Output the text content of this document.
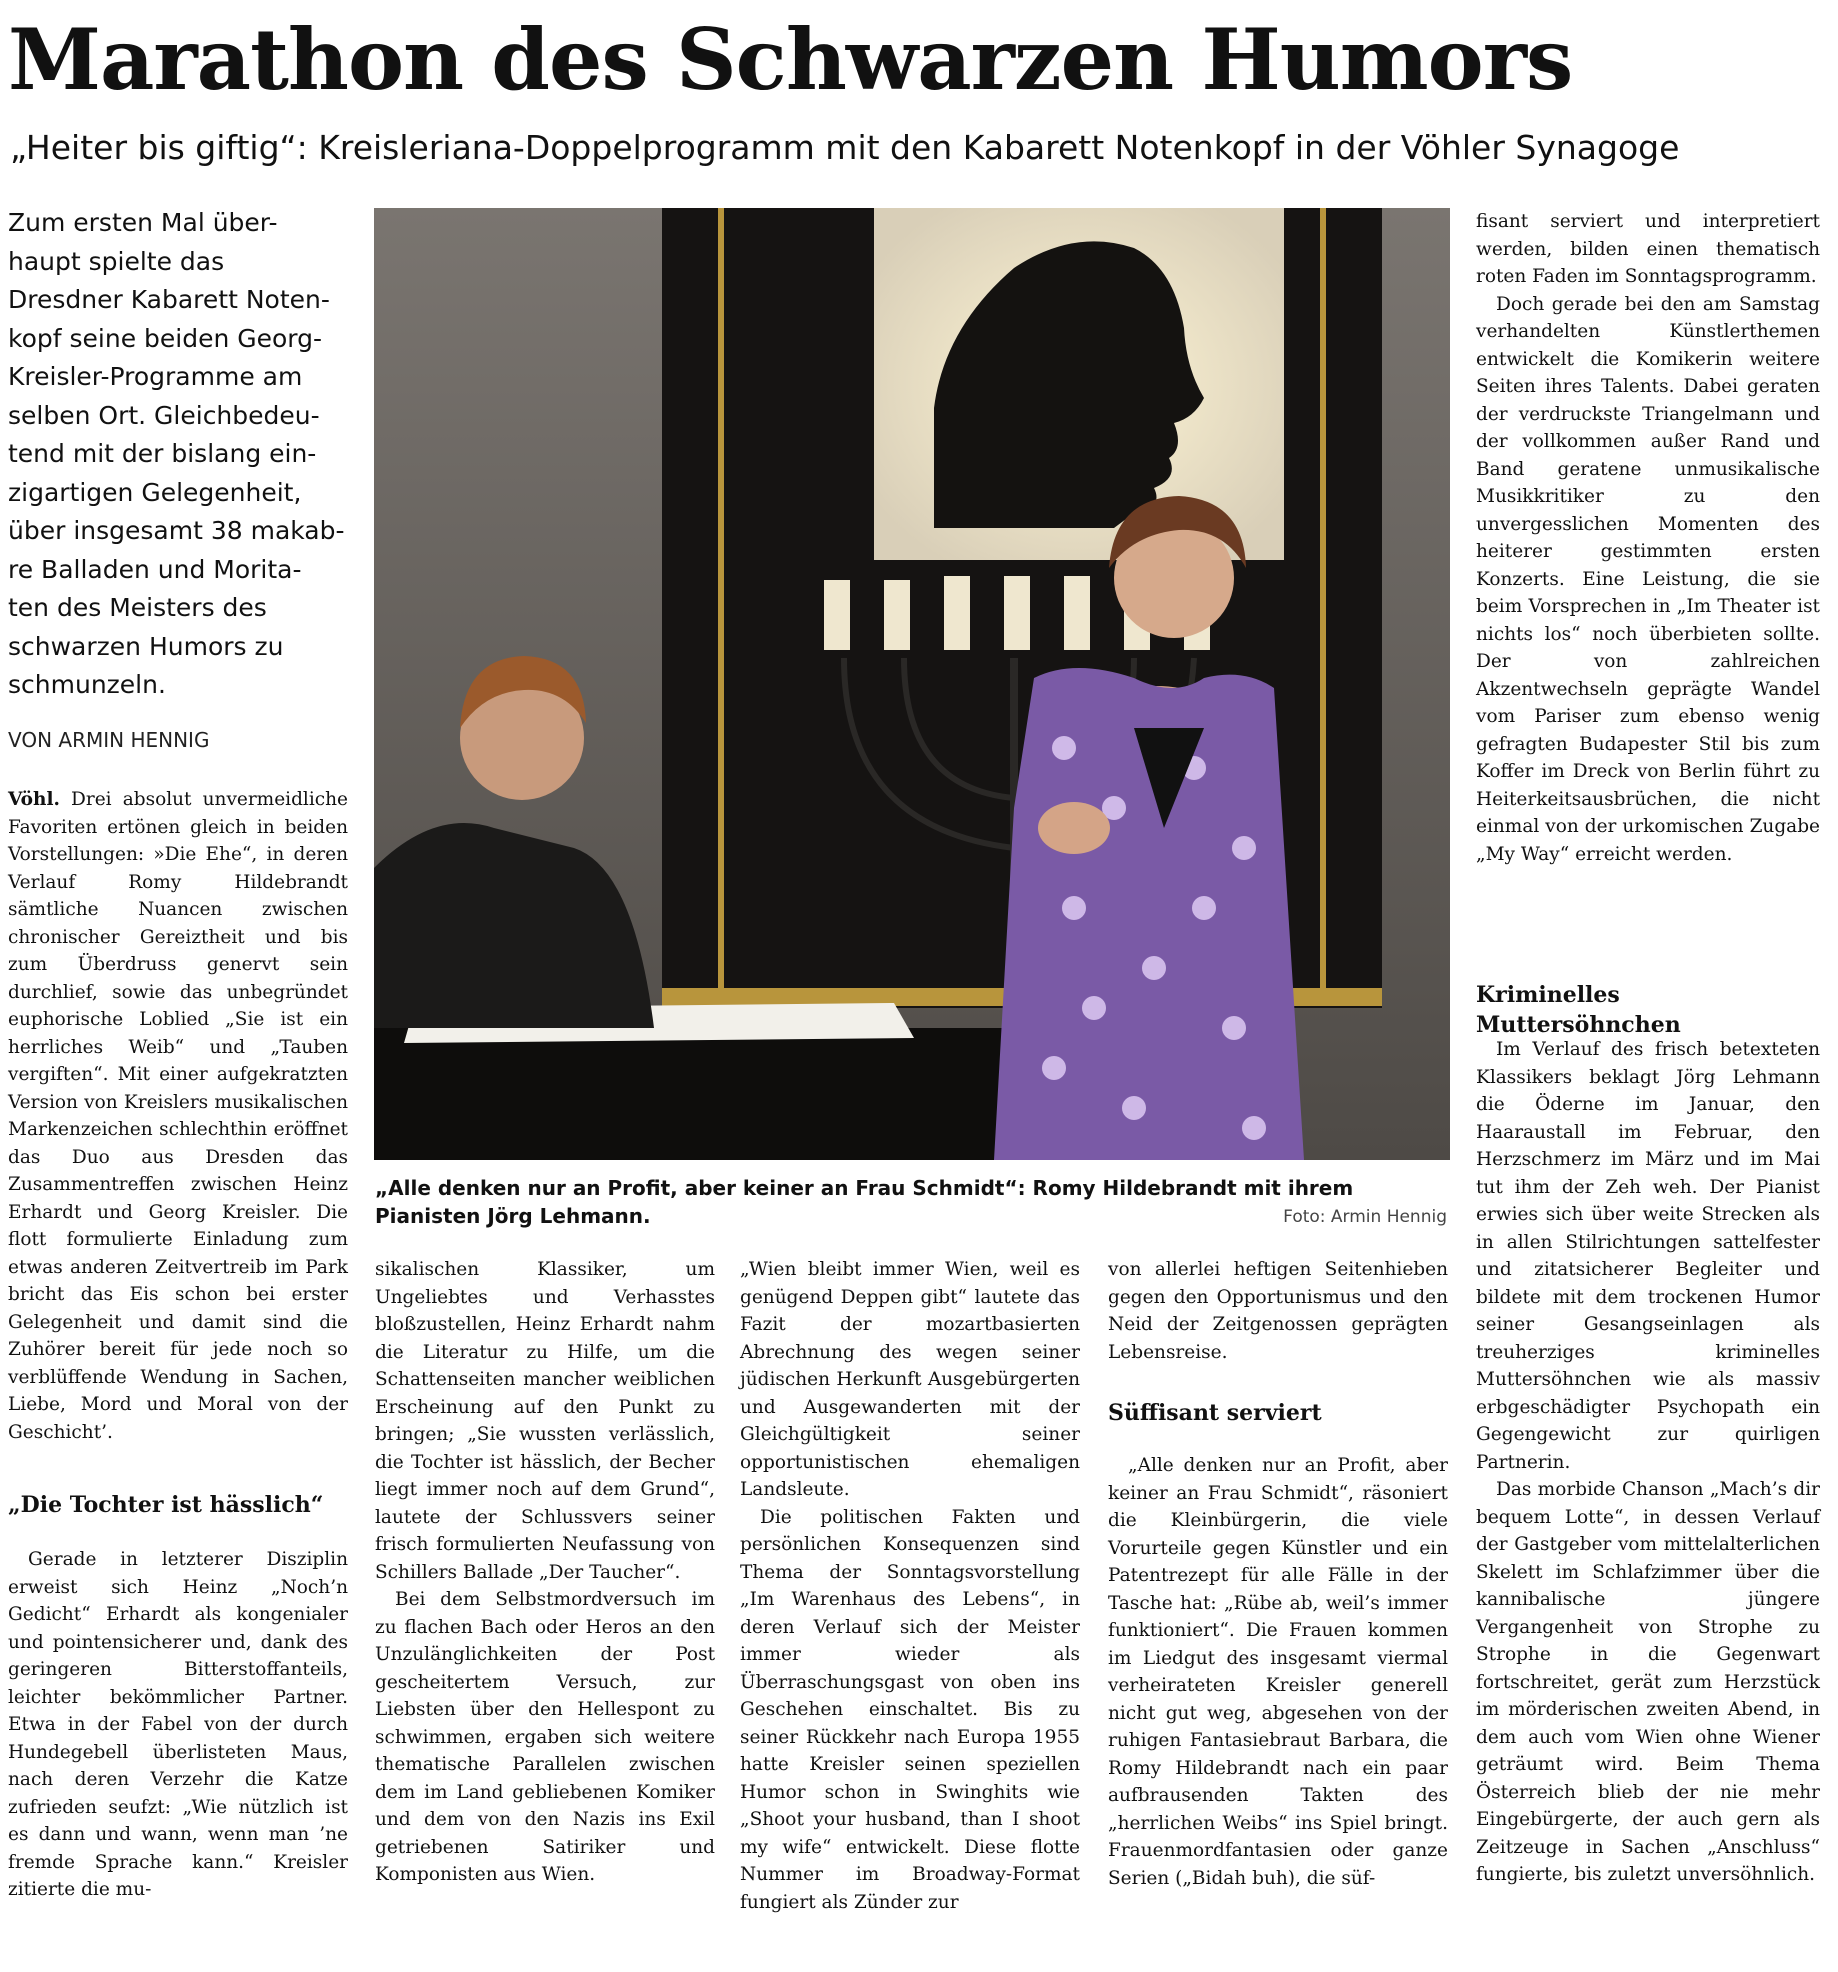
Marathon des Schwarzen Humors
„Heiter bis giftig“: Kreisleriana-Doppelprogramm mit den Kabarett Notenkopf in der Vöhler Synagoge
Zum ersten Mal über-
haupt spielte das
Dresdner Kabarett Noten-
kopf seine beiden Georg-
Kreisler-Programme am
selben Ort. Gleichbedeu-
tend mit der bislang ein-
zigartigen Gelegenheit,
über insgesamt 38 makab-
re Balladen und Morita-
ten des Meisters des
schwarzen Humors zu
schmunzeln.
VON ARMIN HENNIG

Vöhl. Drei absolut unvermeidliche Favoriten ertönen gleich in beiden Vorstellungen: »Die Ehe“, in deren Verlauf Romy Hildebrandt sämtliche Nuancen zwischen chronischer Gereiztheit und bis zum Überdruss genervt sein durchlief, sowie das unbegründet euphorische Loblied „Sie ist ein herrliches Weib“ und „Tauben vergiften“. Mit einer aufgekratzten Version von Kreislers musikalischen Markenzeichen schlechthin eröffnet das Duo aus Dresden das Zusammentreffen zwischen Heinz Erhardt und Georg Kreisler. Die flott formulierte Einladung zum etwas anderen Zeitvertreib im Park bricht das Eis schon bei erster Gelegenheit und damit sind die Zuhörer bereit für jede noch so verblüffende Wendung in Sachen, Liebe, Mord und Moral von der Geschicht’.

„Die Tochter ist hässlich“

Gerade in letzterer Disziplin erweist sich Heinz „Noch’n Gedicht“ Erhardt als kongenialer und pointensicherer und, dank des geringeren Bitterstoffanteils, leichter bekömmlicher Partner. Etwa in der Fabel von der durch Hundegebell überlisteten Maus, nach deren Verzehr die Katze zufrieden seufzt: „Wie nützlich ist es dann und wann, wenn man ’ne fremde Sprache kann.“ Kreisler zitierte die mu-

„Alle denken nur an Profit, aber keiner an Frau Schmidt“: Romy Hildebrandt mit ihrem Pianisten Jörg Lehmann.	Foto: Armin Hennig

sikalischen Klassiker, um Ungeliebtes und Verhasstes bloßzustellen, Heinz Erhardt nahm die Literatur zu Hilfe, um die Schattenseiten mancher weiblichen Erscheinung auf den Punkt zu bringen; „Sie wussten verlässlich, die Tochter ist hässlich, der Becher liegt immer noch auf dem Grund“, lautete der Schlussvers seiner frisch formulierten Neufassung von Schillers Ballade „Der Taucher“.

Bei dem Selbstmordversuch im zu flachen Bach oder Heros an den Unzulänglichkeiten der Post gescheitertem Versuch, zur Liebsten über den Hellespont zu schwimmen, ergaben sich weitere thematische Parallelen zwischen dem im Land gebliebenen Komiker und dem von den Nazis ins Exil getriebenen Satiriker und Komponisten aus Wien.

„Wien bleibt immer Wien, weil es genügend Deppen gibt“ lautete das Fazit der mozartbasierten Abrechnung des wegen seiner jüdischen Herkunft Ausgebürgerten und Ausgewanderten mit der Gleichgültigkeit seiner opportunistischen ehemaligen Landsleute.

Die politischen Fakten und persönlichen Konsequenzen sind Thema der Sonntagsvorstellung „Im Warenhaus des Lebens“, in deren Verlauf sich der Meister immer wieder als Überraschungsgast von oben ins Geschehen einschaltet. Bis zu seiner Rückkehr nach Europa 1955 hatte Kreisler seinen speziellen Humor schon in Swinghits wie „Shoot your husband, than I shoot my wife“ entwickelt. Diese flotte Nummer im Broadway-Format fungiert als Zünder zur

von allerlei heftigen Seitenhieben gegen den Opportunismus und den Neid der Zeitgenossen geprägten Lebensreise.

Süffisant serviert

„Alle denken nur an Profit, aber keiner an Frau Schmidt“, räsoniert die Kleinbürgerin, die viele Vorurteile gegen Künstler und ein Patentrezept für alle Fälle in der Tasche hat: „Rübe ab, weil’s immer funktioniert“. Die Frauen kommen im Liedgut des insgesamt viermal verheirateten Kreisler generell nicht gut weg, abgesehen von der ruhigen Fantasiebraut Barbara, die Romy Hildebrandt nach ein paar aufbrausenden Takten des „herrlichen Weibs“ ins Spiel bringt. Frauenmordfantasien oder ganze Serien („Bidah buh), die süf-

fisant serviert und interpretiert werden, bilden einen thematisch roten Faden im Sonntagsprogramm.

Doch gerade bei den am Samstag verhandelten Künstlerthemen entwickelt die Komikerin weitere Seiten ihres Talents. Dabei geraten der verdruckste Triangelmann und der vollkommen außer Rand und Band geratene unmusikalische Musikkritiker zu den unvergesslichen Momenten des heiterer gestimmten ersten Konzerts. Eine Leistung, die sie beim Vorsprechen in „Im Theater ist nichts los“ noch überbieten sollte. Der von zahlreichen Akzentwechseln geprägte Wandel vom Pariser zum ebenso wenig gefragten Budapester Stil bis zum Koffer im Dreck von Berlin führt zu Heiterkeitsausbrüchen, die nicht einmal von der urkomischen Zugabe „My Way“ erreicht werden.

Kriminelles Muttersöhnchen

Im Verlauf des frisch betexteten Klassikers beklagt Jörg Lehmann die Öderne im Januar, den Haaraustall im Februar, den Herzschmerz im März und im Mai tut ihm der Zeh weh. Der Pianist erwies sich über weite Strecken als in allen Stilrichtungen sattelfester und zitatsicherer Begleiter und bildete mit dem trockenen Humor seiner Gesangseinlagen als treuherziges kriminelles Muttersöhnchen wie als massiv erbgeschädigter Psychopath ein Gegengewicht zur quirligen Partnerin.

Das morbide Chanson „Mach’s dir bequem Lotte“, in dessen Verlauf der Gastgeber vom mittelalterlichen Skelett im Schlafzimmer über die kannibalische jüngere Vergangenheit von Strophe zu Strophe in die Gegenwart fortschreitet, gerät zum Herzstück im mörderischen zweiten Abend, in dem auch vom Wien ohne Wiener geträumt wird. Beim Thema Österreich blieb der nie mehr Eingebürgerte, der auch gern als Zeitzeuge in Sachen „Anschluss“ fungierte, bis zuletzt unversöhnlich.
